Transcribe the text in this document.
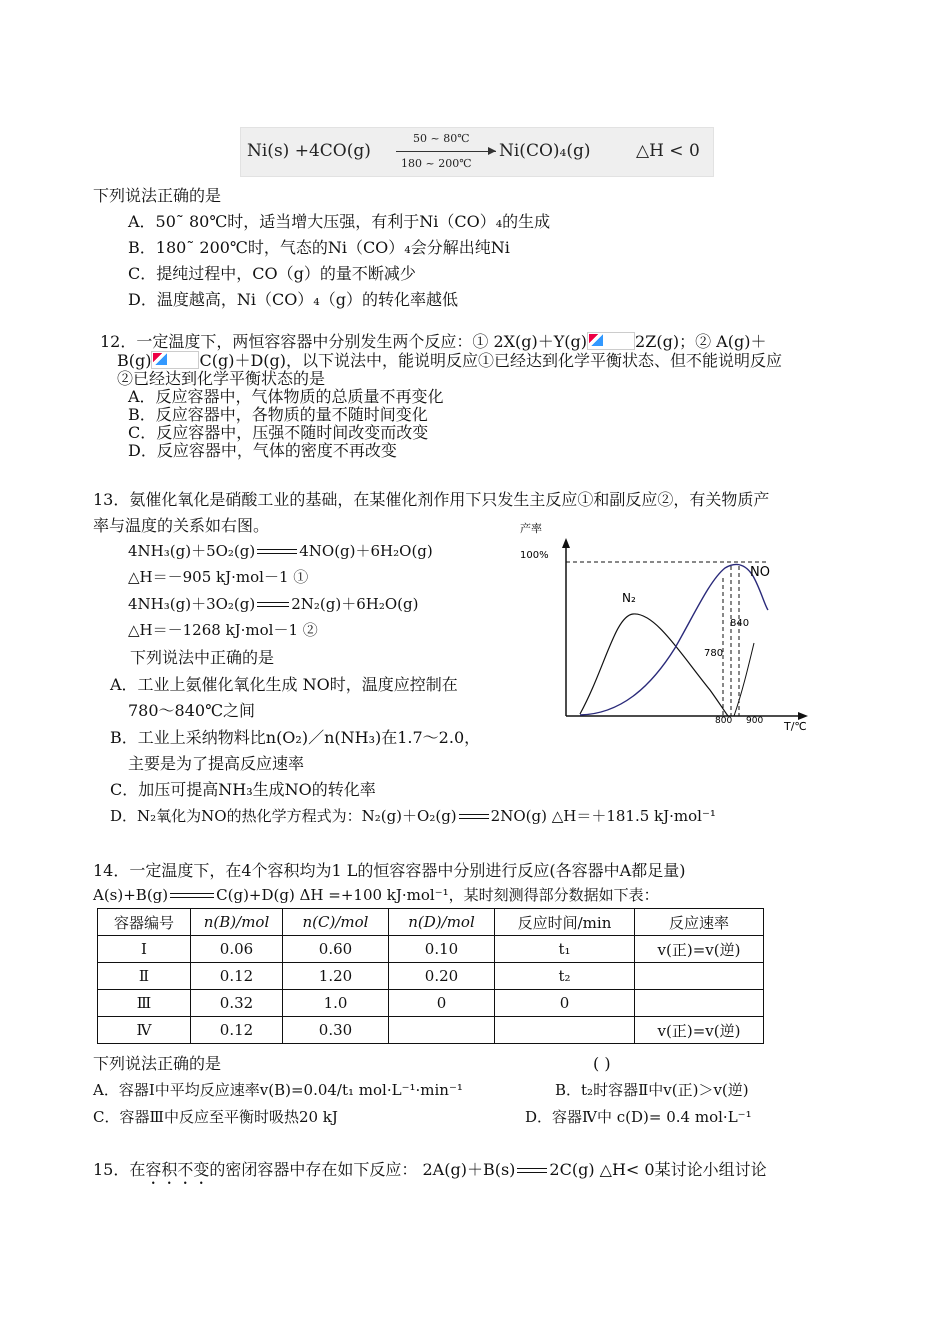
Ni(s) +4CO(g)
50 ~ 80℃
180 ~ 200℃
Ni(CO)₄(g)	△H < 0
下列说法正确的是
A．50˜ 80℃时，适当增大压强，有利于Ni（CO）₄的生成
B．180˜ 200℃时，气态的Ni（CO）₄会分解出纯Ni
C．提纯过程中，CO（g）的量不断减少
D．温度越高，Ni（CO）₄（g）的转化率越低
12．一定温度下，两恒容容器中分别发生两个反应：① 2X(g)＋Y(g)	2Z(g)；② A(g)＋
B(g)	C(g)＋D(g)，以下说法中，能说明反应①已经达到化学平衡状态、但不能说明反应
②已经达到化学平衡状态的是
A．反应容器中，气体物质的总质量不再变化
B．反应容器中，各物质的量不随时间变化
C．反应容器中，压强不随时间改变而改变
D．反应容器中，气体的密度不再改变
13．氨催化氧化是硝酸工业的基础，在某催化剂作用下只发生主反应①和副反应②，有关物质产
率与温度的关系如右图。
4NH₃(g)＋5O₂(g)	4NO(g)＋6H₂O(g)
△H＝－905 kJ·mol－1 ①
4NH₃(g)＋3O₂(g) 2N₂(g)＋6H₂O(g)
△H＝－1268 kJ·mol－1 ②
下列说法中正确的是
A．工业上氨催化氧化生成 NO时，温度应控制在
780～840℃之间
B．工业上采纳物料比n(O₂)／n(NH₃)在1.7～2.0，
主要是为了提高反应速率
C．加压可提高NH₃生成NO的转化率
D．N₂氧化为NO的热化学方程式为：N₂(g)＋O₂(g) 2NO(g) △H＝＋181.5 kJ·mol⁻¹
产率
100%
N₂
NO
780
840
800 900 T/℃
14．一定温度下，在4个容积均为1 L的恒容容器中分别进行反应(各容器中A都足量)
A(s)+B(g)	C(g)+D(g) ΔH =+100 kJ·mol⁻¹，某时刻测得部分数据如下表：
容器编号	n(B)/mol	n(C)/mol	n(D)/mol	反应时间/min	反应速率
Ⅰ	0.06	0.60	0.10	t₁	v(正)=v(逆)
Ⅱ	0.12	1.20	0.20	t₂	
Ⅲ	0.32	1.0	0	0	
Ⅳ	0.12	0.30			v(正)=v(逆)
下列说法正确的是	( )
A．容器Ⅰ中平均反应速率v(B)=0.04/t₁ mol·L⁻¹·min⁻¹	B．t₂时容器Ⅱ中v(正)＞v(逆)
C．容器Ⅲ中反应至平衡时吸热20 kJ	D．容器Ⅳ中 c(D)= 0.4 mol·L⁻¹
15．在容积不变的密闭容器中存在如下反应： 2A(g)＋B(s) 2C(g) △H< 0某讨论小组讨论
